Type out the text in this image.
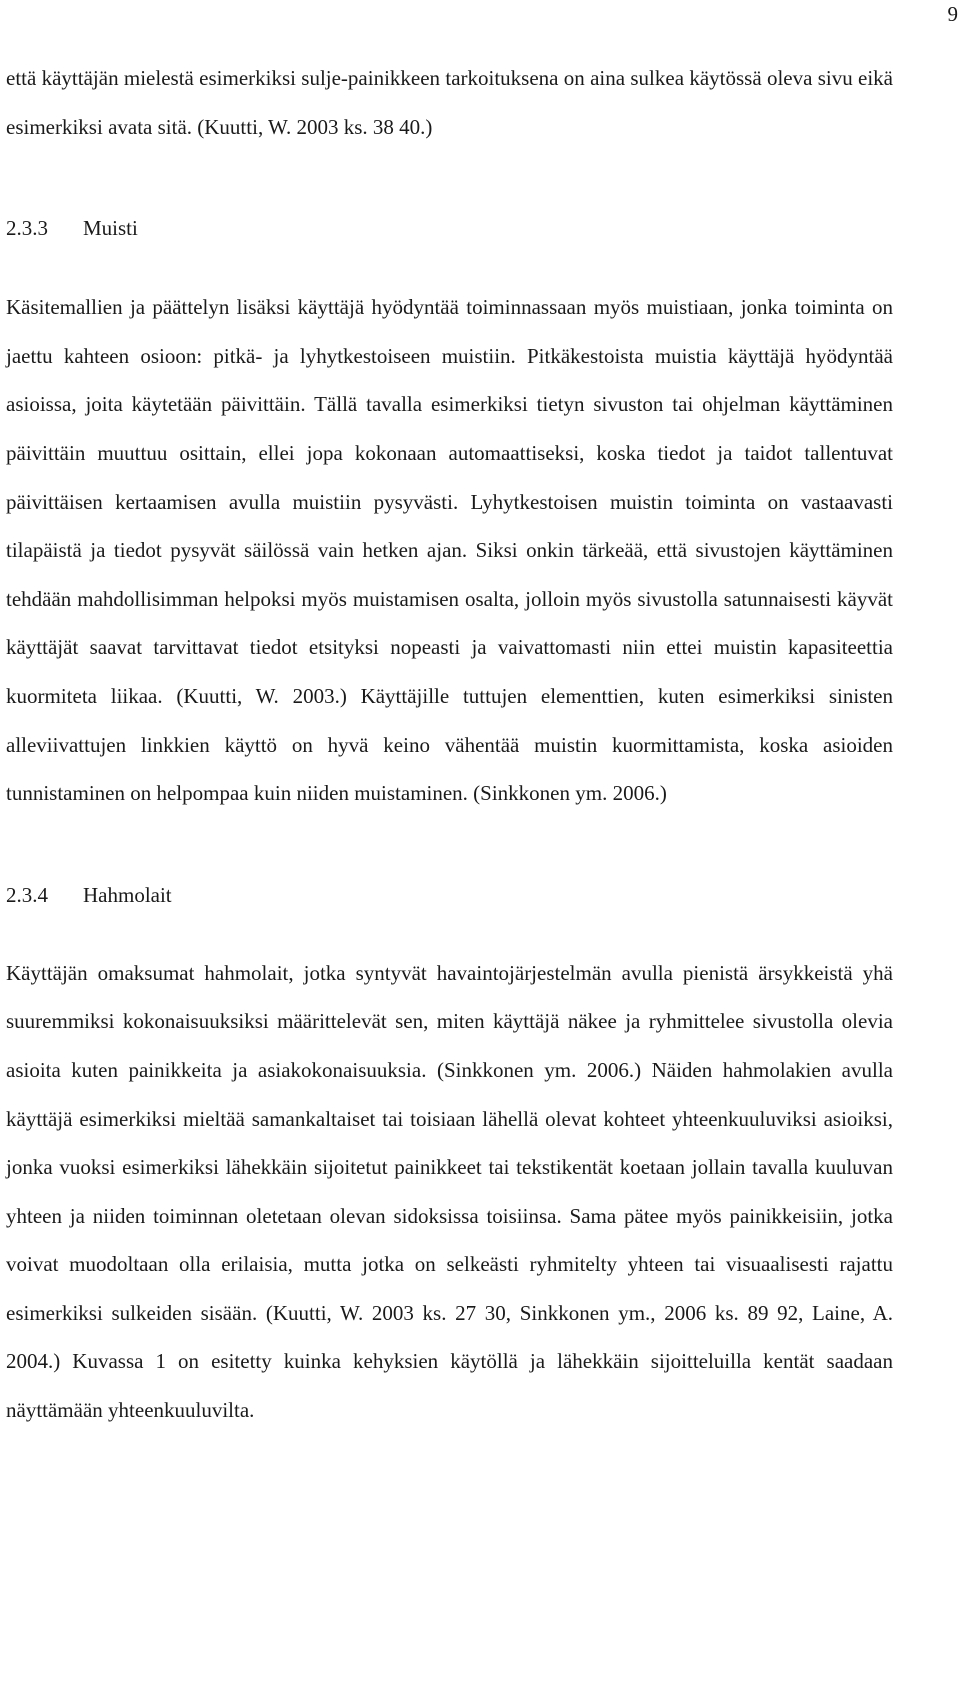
9

että käyttäjän mielestä esimerkiksi sulje-painikkeen tarkoituksena on aina sulkea käytössä oleva sivu eikä esimerkiksi avata sitä. (Kuutti, W. 2003 ks. 38 40.)

2.3.3 Muisti

Käsitemallien ja päättelyn lisäksi käyttäjä hyödyntää toiminnassaan myös muistiaan, jonka toiminta on jaettu kahteen osioon: pitkä- ja lyhytkestoiseen muistiin. Pitkäkestoista muistia käyttäjä hyödyntää asioissa, joita käytetään päivittäin. Tällä tavalla esimerkiksi tietyn sivuston tai ohjelman käyttäminen päivittäin muuttuu osittain, ellei jopa kokonaan automaattiseksi, koska tiedot ja taidot tallentuvat päivittäisen kertaamisen avulla muistiin pysyvästi. Lyhytkestoisen muistin toiminta on vastaavasti tilapäistä ja tiedot pysyvät säilössä vain hetken ajan. Siksi onkin tärkeää, että sivustojen käyttäminen tehdään mahdollisimman helpoksi myös muistamisen osalta, jolloin myös sivustolla satunnaisesti käyvät käyttäjät saavat tarvittavat tiedot etsityksi nopeasti ja vaivattomasti niin ettei muistin kapasiteettia kuormiteta liikaa. (Kuutti, W. 2003.) Käyttäjille tuttujen elementtien, kuten esimerkiksi sinisten alleviivattujen linkkien käyttö on hyvä keino vähentää muistin kuormittamista, koska asioiden tunnistaminen on helpompaa kuin niiden muistaminen. (Sinkkonen ym. 2006.)

2.3.4 Hahmolait

Käyttäjän omaksumat hahmolait, jotka syntyvät havaintojärjestelmän avulla pienistä ärsykkeistä yhä suuremmiksi kokonaisuuksiksi määrittelevät sen, miten käyttäjä näkee ja ryhmittelee sivustolla olevia asioita kuten painikkeita ja asiakokonaisuuksia. (Sinkkonen ym. 2006.) Näiden hahmolakien avulla käyttäjä esimerkiksi mieltää samankaltaiset tai toisiaan lähellä olevat kohteet yhteenkuuluviksi asioiksi, jonka vuoksi esimerkiksi lähekkäin sijoitetut painikkeet tai tekstikentät koetaan jollain tavalla kuuluvan yhteen ja niiden toiminnan oletetaan olevan sidoksissa toisiinsa. Sama pätee myös painikkeisiin, jotka voivat muodoltaan olla erilaisia, mutta jotka on selkeästi ryhmitelty yhteen tai visuaalisesti rajattu esimerkiksi sulkeiden sisään. (Kuutti, W. 2003 ks. 27 30, Sinkkonen ym., 2006 ks. 89 92, Laine, A. 2004.) Kuvassa 1 on esitetty kuinka kehyksien käytöllä ja lähekkäin sijoitteluilla kentät saadaan näyttämään yhteenkuuluvilta.
